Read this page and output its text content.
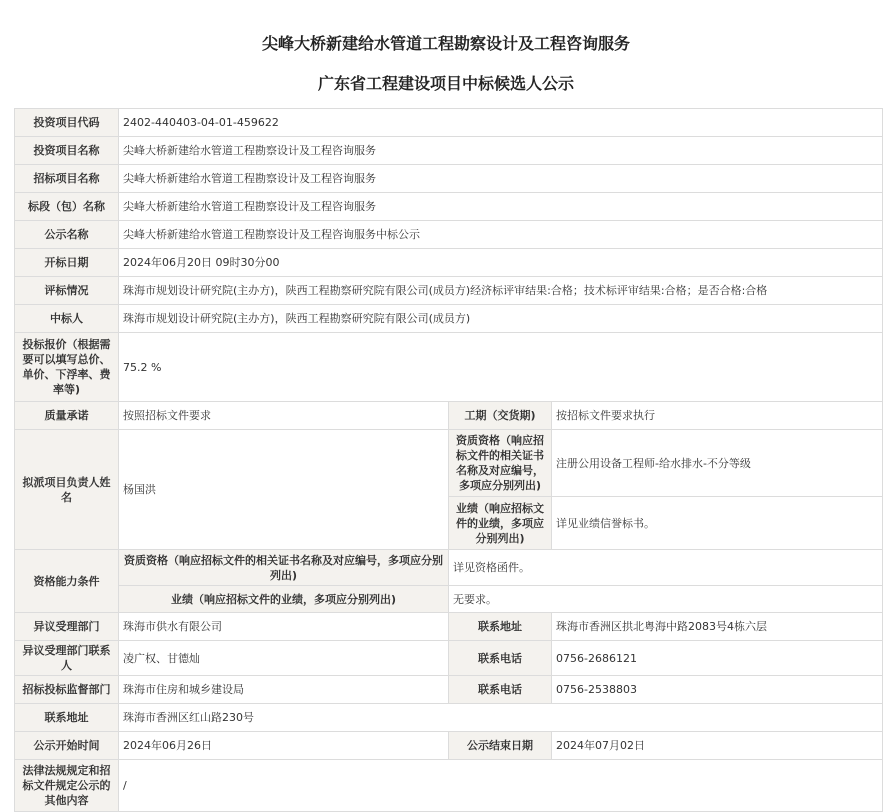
尖峰大桥新建给水管道工程勘察设计及工程咨询服务
广东省工程建设项目中标候选人公示
投资项目代码	2402-440403-04-01-459622		
投资项目名称	尖峰大桥新建给水管道工程勘察设计及工程咨询服务		
招标项目名称	尖峰大桥新建给水管道工程勘察设计及工程咨询服务		
标段（包）名称	尖峰大桥新建给水管道工程勘察设计及工程咨询服务		
公示名称	尖峰大桥新建给水管道工程勘察设计及工程咨询服务中标公示		
开标日期	2024年06月20日 09时30分00		
评标情况	珠海市规划设计研究院(主办方)，陕西工程勘察研究院有限公司(成员方)经济标评审结果:合格；技术标评审结果:合格；是否合格:合格		
中标人	珠海市规划设计研究院(主办方)，陕西工程勘察研究院有限公司(成员方)		
投标报价（根据需要可以填写总价、单价、下浮率、费率等)	75.2 %		
质量承诺	按照招标文件要求	工期（交货期)	按招标文件要求执行
拟派项目负责人姓名	杨国洪	资质资格（响应招标文件的相关证书名称及对应编号，多项应分别列出)	注册公用设备工程师-给水排水-不分等级
		业绩（响应招标文件的业绩，多项应分别列出)	详见业绩信誉标书。
资格能力条件	资质资格（响应招标文件的相关证书名称及对应编号，多项应分别列出)	详见资格函件。	
	业绩（响应招标文件的业绩，多项应分别列出)	无要求。	
异议受理部门	珠海市供水有限公司	联系地址	珠海市香洲区拱北粤海中路2083号4栋六层
异议受理部门联系人	凌广权、甘德灿	联系电话	0756-2686121
招标投标监督部门	珠海市住房和城乡建设局	联系电话	0756-2538803
联系地址	珠海市香洲区红山路230号		
公示开始时间	2024年06月26日	公示结束日期	2024年07月02日
法律法规规定和招标文件规定公示的其他内容	/		
